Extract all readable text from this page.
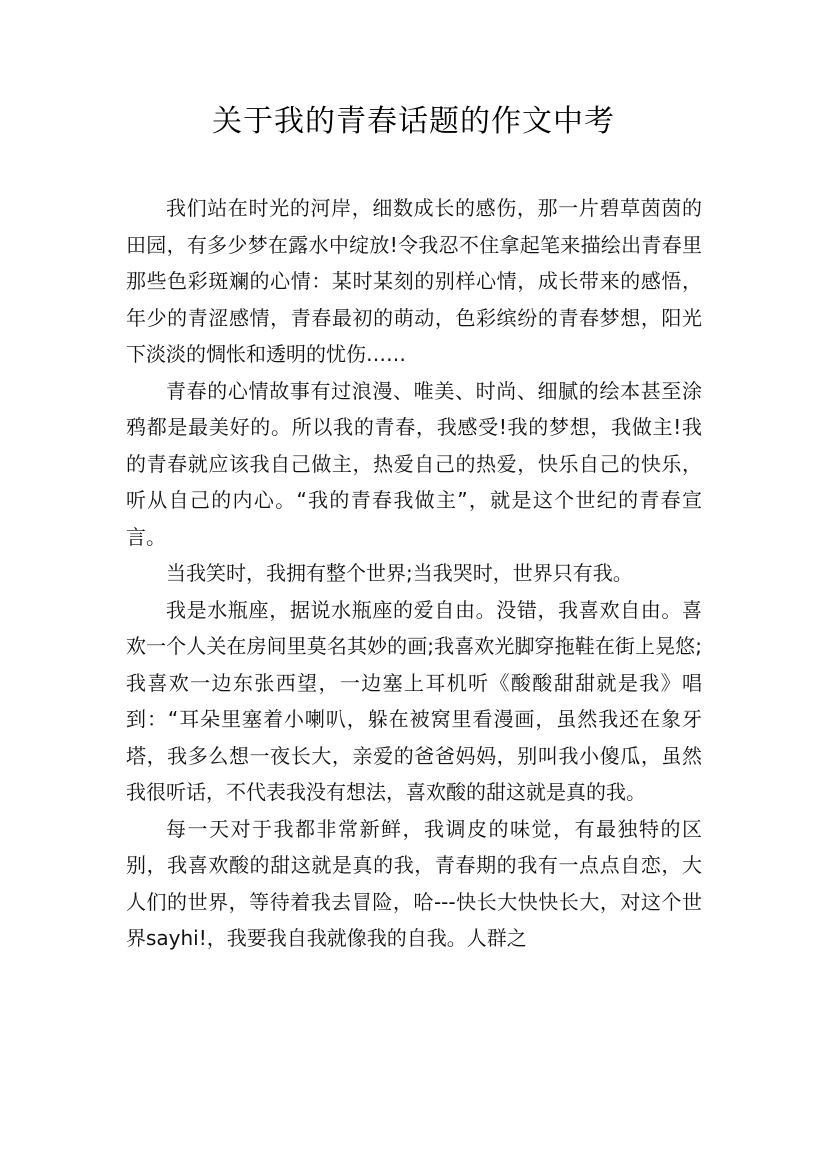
关于我的青春话题的作文中考

我们站在时光的河岸，细数成长的感伤，那一片碧草茵茵的田园，有多少梦在露水中绽放!令我忍不住拿起笔来描绘出青春里那些色彩斑斓的心情：某时某刻的别样心情，成长带来的感悟，年少的青涩感情，青春最初的萌动，色彩缤纷的青春梦想，阳光下淡淡的惆怅和透明的忧伤……

青春的心情故事有过浪漫、唯美、时尚、细腻的绘本甚至涂鸦都是最美好的。所以我的青春，我感受!我的梦想，我做主!我的青春就应该我自己做主，热爱自己的热爱，快乐自己的快乐，听从自己的内心。“我的青春我做主”，就是这个世纪的青春宣言。

当我笑时，我拥有整个世界;当我哭时，世界只有我。

我是水瓶座，据说水瓶座的爱自由。没错，我喜欢自由。喜欢一个人关在房间里莫名其妙的画;我喜欢光脚穿拖鞋在街上晃悠;我喜欢一边东张西望，一边塞上耳机听《酸酸甜甜就是我》唱到：“耳朵里塞着小喇叭，躲在被窝里看漫画，虽然我还在象牙塔，我多么想一夜长大，亲爱的爸爸妈妈，别叫我小傻瓜，虽然我很听话，不代表我没有想法，喜欢酸的甜这就是真的我。

每一天对于我都非常新鲜，我调皮的味觉，有最独特的区别，我喜欢酸的甜这就是真的我，青春期的我有一点点自恋，大人们的世界，等待着我去冒险，哈---快长大快快长大，对这个世界sayhi!，我要我自我就像我的自我。人群之
